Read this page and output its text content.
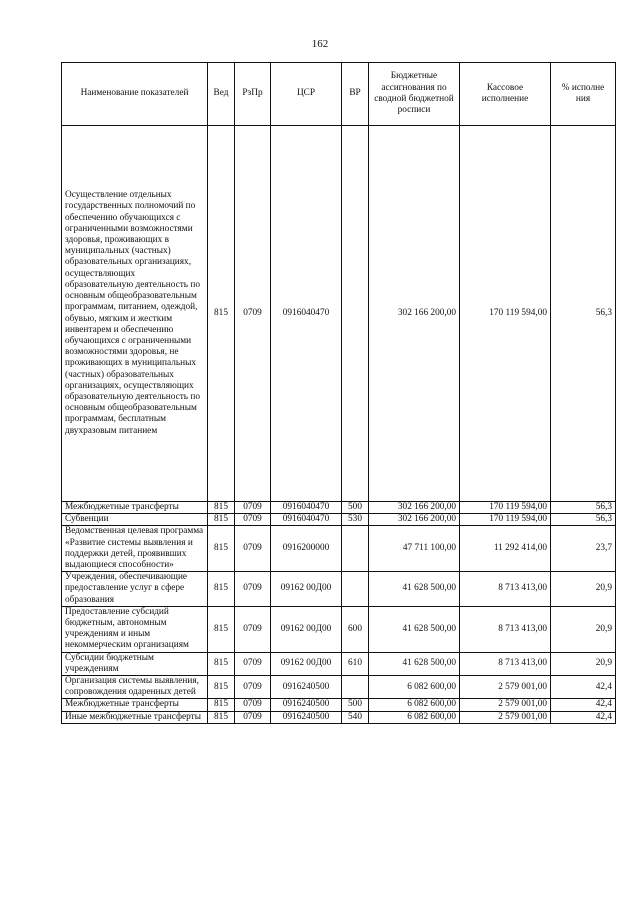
162
Наименование показателей	Вед	РзПр	ЦСР	ВР	Бюджетные ассигнования по сводной бюджетной росписи	Кассовое исполнение	% исполне ния

Осуществление отдельных государственных полномочий по обеспечению обучающихся с ограниченными возможностями здоровья, проживающих в муниципальных (частных) образовательных организациях, осуществляющих образовательную деятельность по основным общеобразовательным программам, питанием, одеждой, обувью, мягким и жестким инвентарем и обеспечению обучающихся с ограниченными возможностями здоровья, не проживающих в муниципальных (частных) образовательных организациях, осуществляющих образовательную деятельность по основным общеобразовательным программам, бесплатным двухразовым питанием	815	0709	0916040470		302 166 200,00	170 119 594,00	56,3
Межбюджетные трансферты	815	0709	0916040470	500	302 166 200,00	170 119 594,00	56,3
Субвенции	815	0709	0916040470	530	302 166 200,00	170 119 594,00	56,3
Ведомственная целевая программа «Развитие системы выявления и поддержки детей, проявивших выдающиеся способности»	815	0709	0916200000		47 711 100,00	11 292 414,00	23,7
Учреждения, обеспечивающие предоставление услуг в сфере образования	815	0709	09162 00Д00		41 628 500,00	8 713 413,00	20,9
Предоставление субсидий бюджетным, автономным учреждениям и иным некоммерческим организациям	815	0709	09162 00Д00	600	41 628 500,00	8 713 413,00	20,9
Субсидии бюджетным учреждениям	815	0709	09162 00Д00	610	41 628 500,00	8 713 413,00	20,9
Организация системы выявления, сопровождения одаренных детей	815	0709	0916240500		6 082 600,00	2 579 001,00	42,4
Межбюджетные трансферты	815	0709	0916240500	500	6 082 600,00	2 579 001,00	42,4
Иные межбюджетные трансферты	815	0709	0916240500	540	6 082 600,00	2 579 001,00	42,4
